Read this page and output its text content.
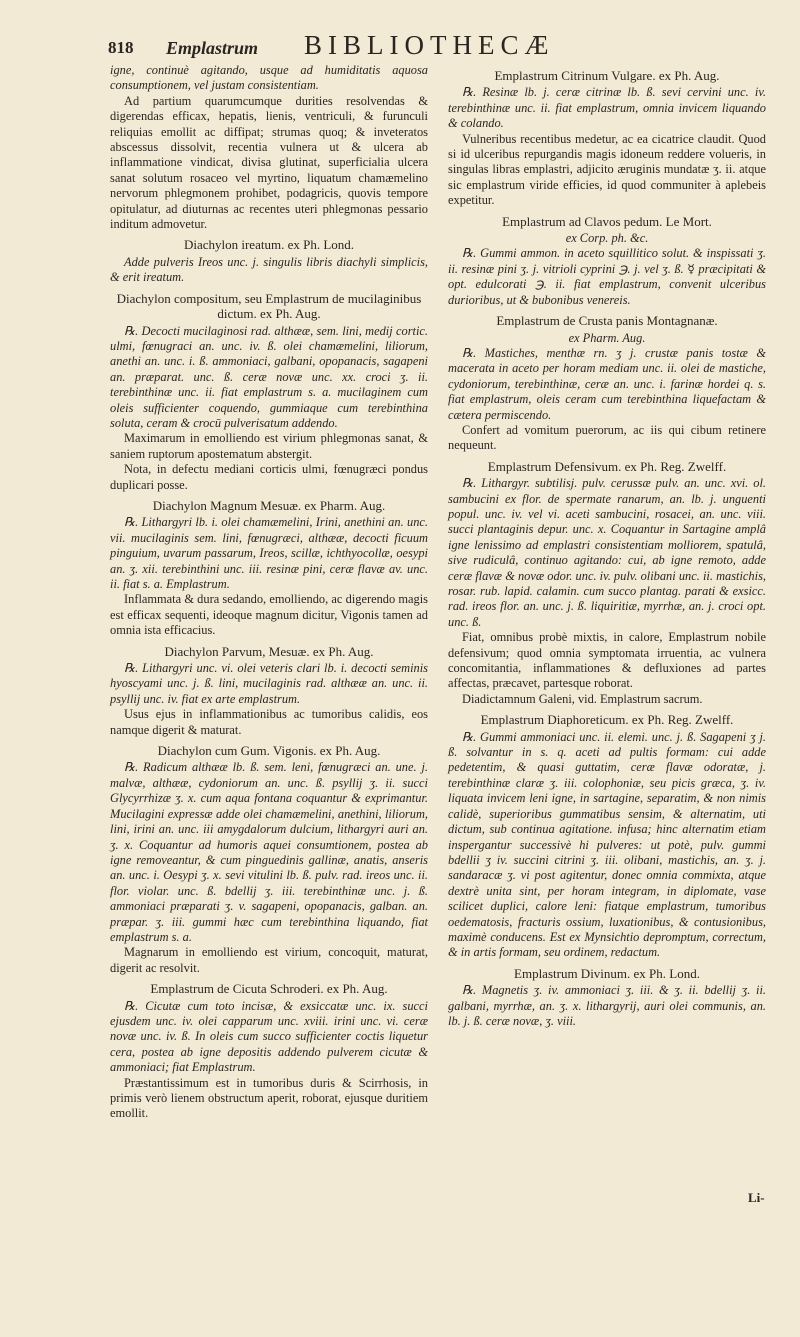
818 Emplastrum BIBLIOTHECÆ

igne, continuè agitando, usque ad humiditatis aquosa consumptionem, vel justam consistentiam.

Ad partium quarumcumque durities resolvendas & digerendas efficax, hepatis, lienis, ventriculi, & furunculi reliquias emollit ac diffipat; strumas quoq; & inveteratos abscessus dissolvit, recentia vulnera ut & ulcera ab inflammatione vindicat, divisa glutinat, superficialia ulcera sanat solutum rosaceo vel myrtino, liquatum chamæmelino nervorum phlegmonem prohibet, podagricis, quovis tempore opitulatur, ad diuturnas ac recentes uteri phlegmonas pessario inditum admovetur.

Diachylon ireatum. ex Ph. Lond.

Adde pulveris Ireos unc. j. singulis libris diachyli simplicis, & erit ireatum.

Diachylon compositum, seu Emplastrum de mucilaginibus dictum. ex Ph. Aug.

℞. Decocti mucilaginosi rad. althææ, sem. lini, medij cortic. ulmi, fœnugraci an. unc. iv. ß. olei chamæmelini, liliorum, anethi an. unc. i. ß. ammoniaci, galbani, opopanacis, sagapeni an. præparat. unc. ß. ceræ novæ unc. xx. croci ʒ. ii. terebinthinæ unc. ii. fiat emplastrum s. a. mucilaginem cum oleis sufficienter coquendo, gummiaque cum terebinthina soluta, ceram & crocū pulverisatum addendo.

Maximarum in emolliendo est virium phlegmonas sanat, & saniem ruptorum apostematum abstergit.

Nota, in defectu mediani corticis ulmi, fœnugræci pondus duplicari posse.

Diachylon Magnum Mesuæ. ex Pharm. Aug.

℞. Lithargyri lb. i. olei chamæmelini, Irini, anethini an. unc. vii. mucilaginis sem. lini, fœnugræci, althææ, decocti ficuum pinguium, uvarum passarum, Ireos, scillæ, ichthyocollæ, oesypi an. ʒ. xii. terebinthini unc. iii. resinæ pini, ceræ flavæ av. unc. ii. fiat s. a. Emplastrum.

Inflammata & dura sedando, emolliendo, ac digerendo magis est efficax sequenti, ideoque magnum dicitur, Vigonis tamen ad omnia ista efficacius.

Diachylon Parvum, Mesuæ. ex Ph. Aug.

℞. Lithargyri unc. vi. olei veteris clari lb. i. decocti seminis hyoscyami unc. j. ß. lini, mucilaginis rad. althææ an. unc. ii. psyllij unc. iv. fiat ex arte emplastrum.

Usus ejus in inflammationibus ac tumoribus calidis, eos namque digerit & maturat.

Diachylon cum Gum. Vigonis. ex Ph. Aug.

℞. Radicum althææ lb. ß. sem. leni, fœnugræci an. une. j. malvæ, althææ, cydoniorum an. unc. ß. psyllij ʒ. ii. succi Glycyrrhizæ ʒ. x. cum aqua fontana coquantur & exprimantur. Mucilagini expressæ adde olei chamæmelini, anethini, liliorum, lini, irini an. unc. iii amygdalorum dulcium, lithargyri auri an. ʒ. x. Coquantur ad humoris aquei consumtionem, postea ab igne removeantur, & cum pinguedinis gallinæ, anatis, anseris an. unc. i. Oesypi ʒ. x. sevi vitulini lb. ß. pulv. rad. ireos unc. ii. flor. violar. unc. ß. bdellij ʒ. iii. terebinthinæ unc. j. ß. ammoniaci præparati ʒ. v. sagapeni, opopanacis, galban. an. præpar. ʒ. iii. gummi hæc cum terebinthina liquando, fiat emplastrum s. a.

Magnarum in emolliendo est virium, concoquit, maturat, digerit ac resolvit.

Emplastrum de Cicuta Schroderi. ex Ph. Aug.

℞. Cicutæ cum toto incisæ, & exsiccatæ unc. ix. succi ejusdem unc. iv. olei capparum unc. xviii. irini unc. vi. ceræ novæ unc. iv. ß. In oleis cum succo sufficienter coctis liquetur cera, postea ab igne depositis addendo pulverem cicutæ & ammoniaci; fiat Emplastrum.

Præstantissimum est in tumoribus duris & Scirrhosis, in primis verò lienem obstructum aperit, roborat, ejusque duritiem emollit.

Emplastrum Citrinum Vulgare. ex Ph. Aug.

℞. Resinæ lb. j. ceræ citrinæ lb. ß. sevi cervini unc. iv. terebinthinæ unc. ii. fiat emplastrum, omnia invicem liquando & colando.

Vulneribus recentibus medetur, ac ea cicatrice claudit. Quod si id ulceribus repurgandis magis idoneum reddere volueris, in singulas libras emplastri, adjicito æruginis mundatæ ʒ. ii. atque sic emplastrum viride efficies, id quod communiter à aplebeis expetitur.

Emplastrum ad Clavos pedum. Le Mort.

ex Corp. ph. &c.

℞. Gummi ammon. in aceto squillitico solut. & inspissati ʒ. ii. resinæ pini ʒ. j. vitrioli cyprini ℈. j. vel ʒ. ß. ☿ præcipitati & opt. edulcorati ℈. ii. fiat emplastrum, convenit ulceribus durioribus, ut & bubonibus venereis.

Emplastrum de Crusta panis Montagnanæ.

ex Pharm. Aug.

℞. Mastiches, menthæ rn. ʒ j. crustæ panis tostæ & macerata in aceto per horam mediam unc. ii. olei de mastiche, cydoniorum, terebinthinæ, ceræ an. unc. i. farinæ hordei q. s. fiat emplastrum, oleis ceram cum terebinthina liquefactam & cætera permiscendo.

Confert ad vomitum puerorum, ac iis qui cibum retinere nequeunt.

Emplastrum Defensivum. ex Ph. Reg. Zwelff.

℞. Lithargyr. subtilisj. pulv. cerussæ pulv. an. unc. xvi. ol. sambucini ex flor. de spermate ranarum, an. lb. j. unguenti popul. unc. iv. vel vi. aceti sambucini, rosacei, an. unc. viii. succi plantaginis depur. unc. x. Coquantur in Sartagine amplâ igne lenissimo ad emplastri consistentiam molliorem, spatulâ, sive rudiculâ, continuo agitando: cui, ab igne remoto, adde ceræ flavæ & novæ odor. unc. iv. pulv. olibani unc. ii. mastichis, rosar. rub. lapid. calamin. cum succo plantag. parati & exsicc. rad. ireos flor. an. unc. j. ß. liquiritiæ, myrrhæ, an. j. croci opt. unc. ß.

Fiat, omnibus probè mixtis, in calore, Emplastrum nobile defensivum; quod omnia symptomata irruentia, ac vulnera concomitantia, inflammationes & defluxiones ad partes affectas, præcavet, partesque roborat.

Diadictamnum Galeni, vid. Emplastrum sacrum.

Emplastrum Diaphoreticum. ex Ph. Reg. Zwelff.

℞. Gummi ammoniaci unc. ii. elemi. unc. j. ß. Sagapeni ʒ j. ß. solvantur in s. q. aceti ad pultis formam: cui adde pedetentim, & quasi guttatim, ceræ flavæ odoratæ, j. terebinthinæ claræ ʒ. iii. colophoniæ, seu picis græca, ʒ. iv. liquata invicem leni igne, in sartagine, separatim, & non nimis calidè, superioribus gummatibus sensim, & alternatim, uti dictum, sub continua agitatione. infusa; hinc alternatim etiam inspergantur successivè hi pulveres: ut potè, pulv. gummi bdellii ʒ iv. succini citrini ʒ. iii. olibani, mastichis, an. ʒ. j. sandaracæ ʒ. vi post agitentur, donec omnia commixta, atque dextrè unita sint, per horam integram, in diplomate, vase scilicet duplici, calore leni: fiatque emplastrum, tumoribus oedematosis, fracturis ossium, luxationibus, & contusionibus, maximè conducens. Est ex Mynsichtio depromptum, correctum, & in artis formam, seu ordinem, redactum.

Emplastrum Divinum. ex Ph. Lond.

℞. Magnetis ʒ. iv. ammoniaci ʒ. iii. & ʒ. ii. bdellij ʒ. ii. galbani, myrrhæ, an. ʒ. x. lithargyrij, auri olei communis, an. lb. j. ß. ceræ novæ, ʒ. viii.

Li-
